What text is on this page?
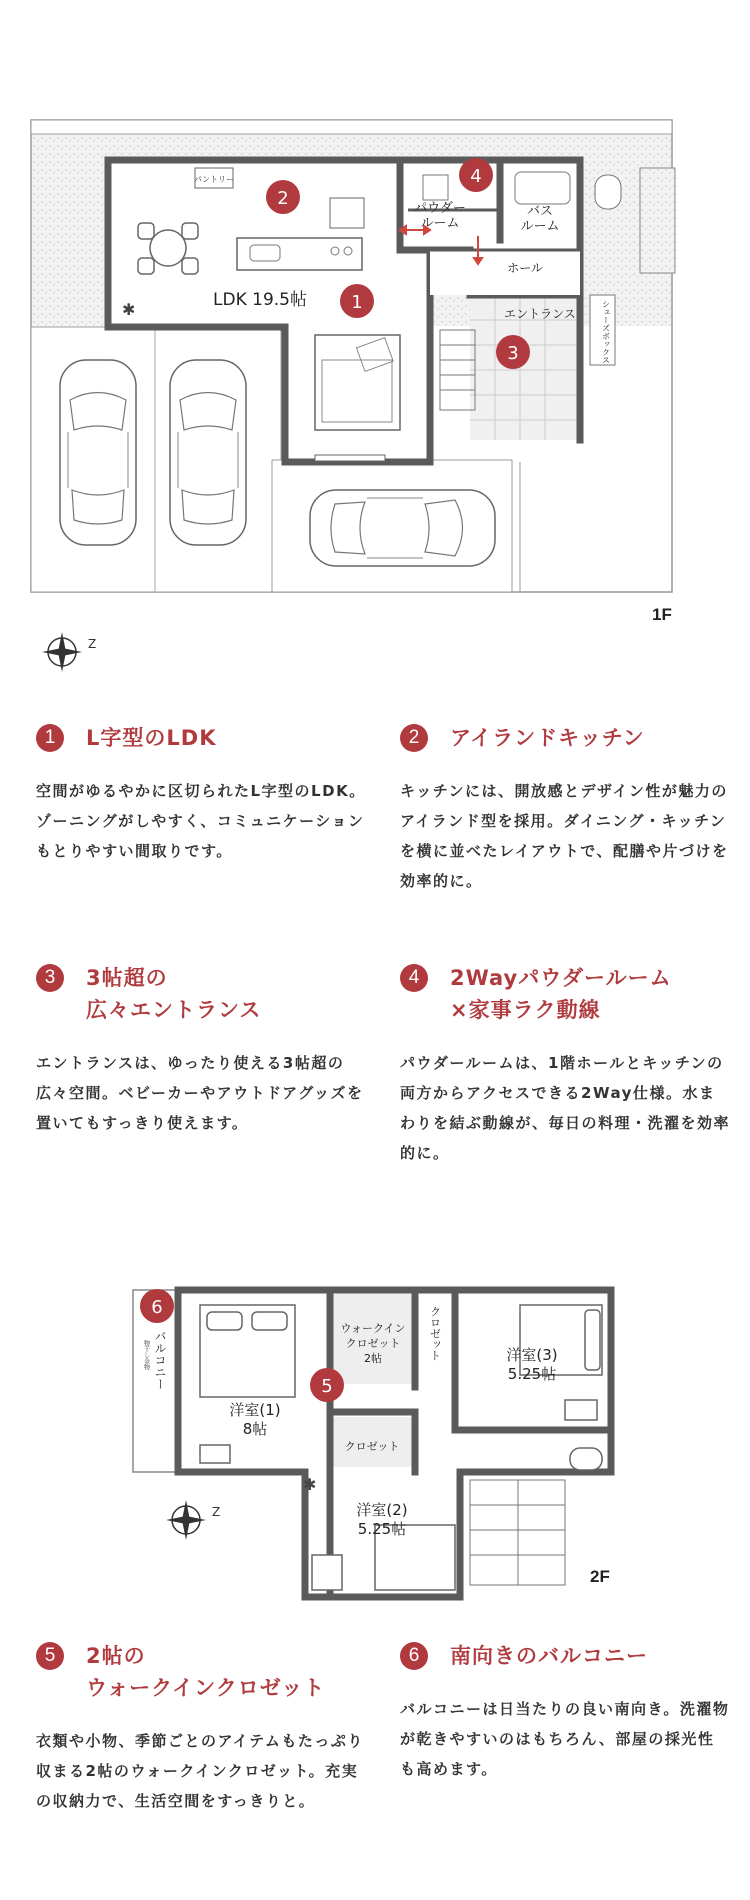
✱
パントリー
LDK 19.5帖
パウダールーム
バスルーム
ホール
エントランス	シューズボックス
1
2
3
4
Z
1F
1	L字型のLDK
空間がゆるやかに区切られたL字型のLDK。ゾーニングがしやすく、コミュニケーションもとりやすい間取りです。
2	アイランドキッチン
キッチンには、開放感とデザイン性が魅力のアイランド型を採用。ダイニング・キッチンを横に並べたレイアウトで、配膳や片づけを効率的に。
3	3帖超の
広々エントランス
エントランスは、ゆったり使える3帖超の広々空間。ベビーカーやアウトドアグッズを置いてもすっきり使えます。
4	2Wayパウダールーム
×家事ラク動線
パウダールームは、1階ホールとキッチンの両方からアクセスできる2Way仕様。水まわりを結ぶ動線が、毎日の料理・洗濯を効率的に。
✱
バルコニー
物干し金物
洋室(1) 8帖
ウォークインクロゼット 2帖	クロゼット
クロゼット
洋室(3) 5.25帖
洋室(2) 5.25帖
5
6
Z
2F
5	2帖の
ウォークインクロゼット
衣類や小物、季節ごとのアイテムもたっぷり収まる2帖のウォークインクロゼット。充実の収納力で、生活空間をすっきりと。
6	南向きのバルコニー
バルコニーは日当たりの良い南向き。洗濯物が乾きやすいのはもちろん、部屋の採光性も高めます。
